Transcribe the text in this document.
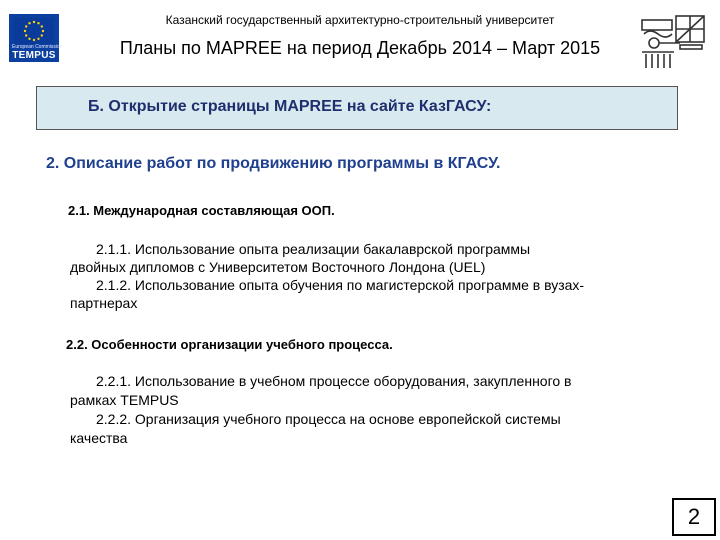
European Commission
TEMPUS
Казанский государственный архитектурно-строительный университет
Планы по MAPREE на период Декабрь 2014 – Март 2015
Б. Открытие страницы MAPREE на сайте КазГАСУ:
2. Описание работ по продвижению программы в КГАСУ.
2.1. Международная составляющая ООП.
2.1.1. Использование опыта реализации бакалаврской программы
двойных дипломов с Университетом Восточного Лондона (UEL)
2.1.2. Использование опыта обучения по магистерской программе в вузах-
партнерах
2.2. Особенности организации учебного процесса.
2.2.1. Использование в учебном процессе оборудования, закупленного в
рамках TEMPUS
2.2.2. Организация учебного процесса на основе европейской системы
качества
2
